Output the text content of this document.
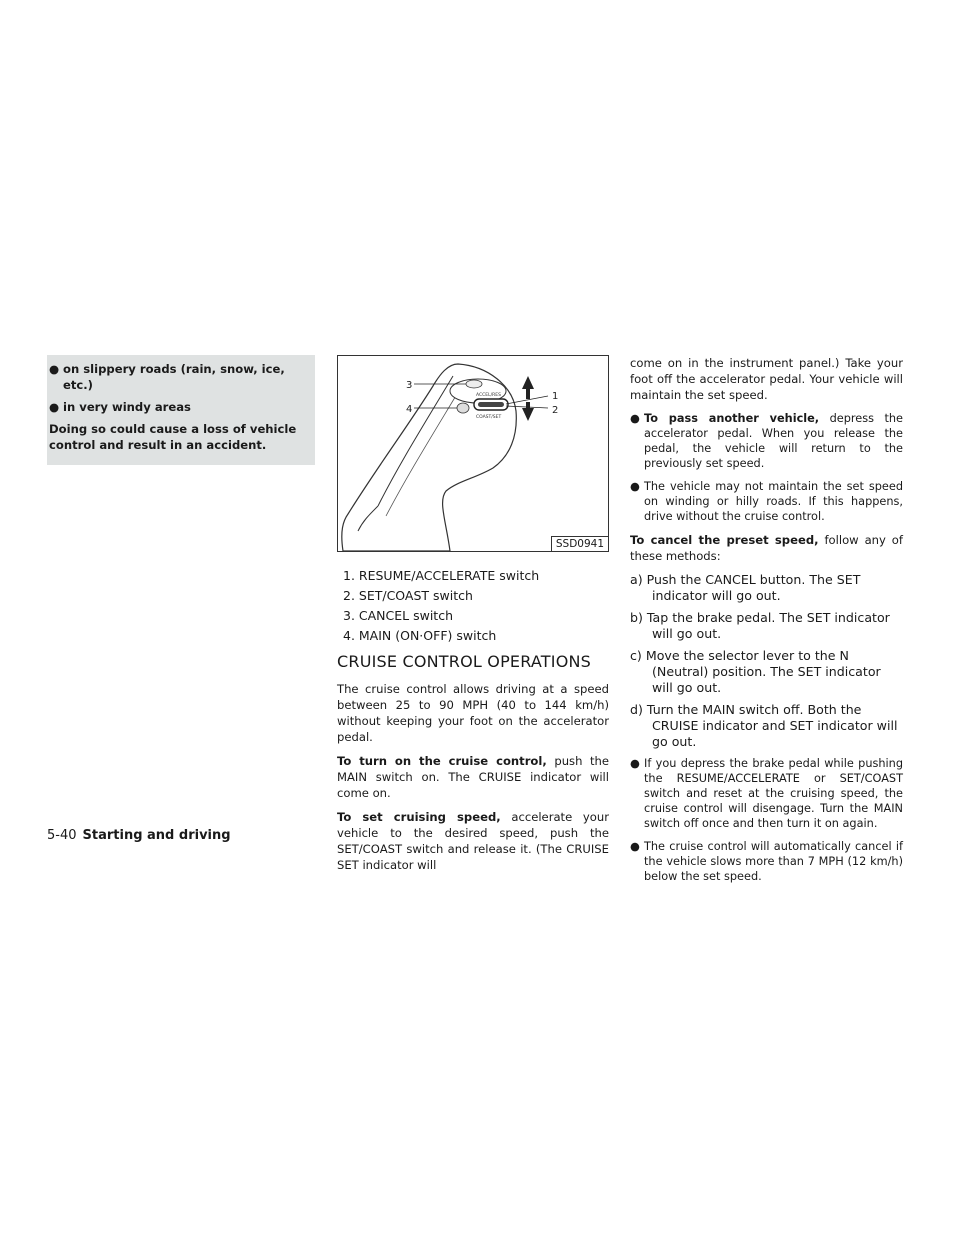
● on slippery roads (rain, snow, ice, etc.)
● in very windy areas

Doing so could cause a loss of vehicle control and result in an accident.

ACCEL/RES
COAST/SET
3
4
1
2
SSD0941
1. RESUME/ACCELERATE switch
2. SET/COAST switch
3. CANCEL switch
4. MAIN (ON·OFF) switch
CRUISE CONTROL OPERATIONS

The cruise control allows driving at a speed between 25 to 90 MPH (40 to 144 km/h) without keeping your foot on the accelerator pedal.

To turn on the cruise control, push the MAIN switch on. The CRUISE indicator will come on.

To set cruising speed, accelerate your vehicle to the desired speed, push the SET/COAST switch and release it. (The CRUISE SET indicator will

come on in the instrument panel.) Take your foot off the accelerator pedal. Your vehicle will maintain the set speed.

● To pass another vehicle, depress the accelerator pedal. When you release the pedal, the vehicle will return to the previously set speed.
● The vehicle may not maintain the set speed on winding or hilly roads. If this happens, drive without the cruise control.

To cancel the preset speed, follow any of these methods:

a) Push the CANCEL button. The SET indicator will go out.
b) Tap the brake pedal. The SET indicator will go out.
c) Move the selector lever to the N (Neutral) position. The SET indicator will go out.
d) Turn the MAIN switch off. Both the CRUISE indicator and SET indicator will go out.
● If you depress the brake pedal while pushing the RESUME/ACCELERATE or SET/COAST switch and reset at the cruising speed, the cruise control will disengage. Turn the MAIN switch off once and then turn it on again.
● The cruise control will automatically cancel if the vehicle slows more than 7 MPH (12 km/h) below the set speed.
5-40 Starting and driving
